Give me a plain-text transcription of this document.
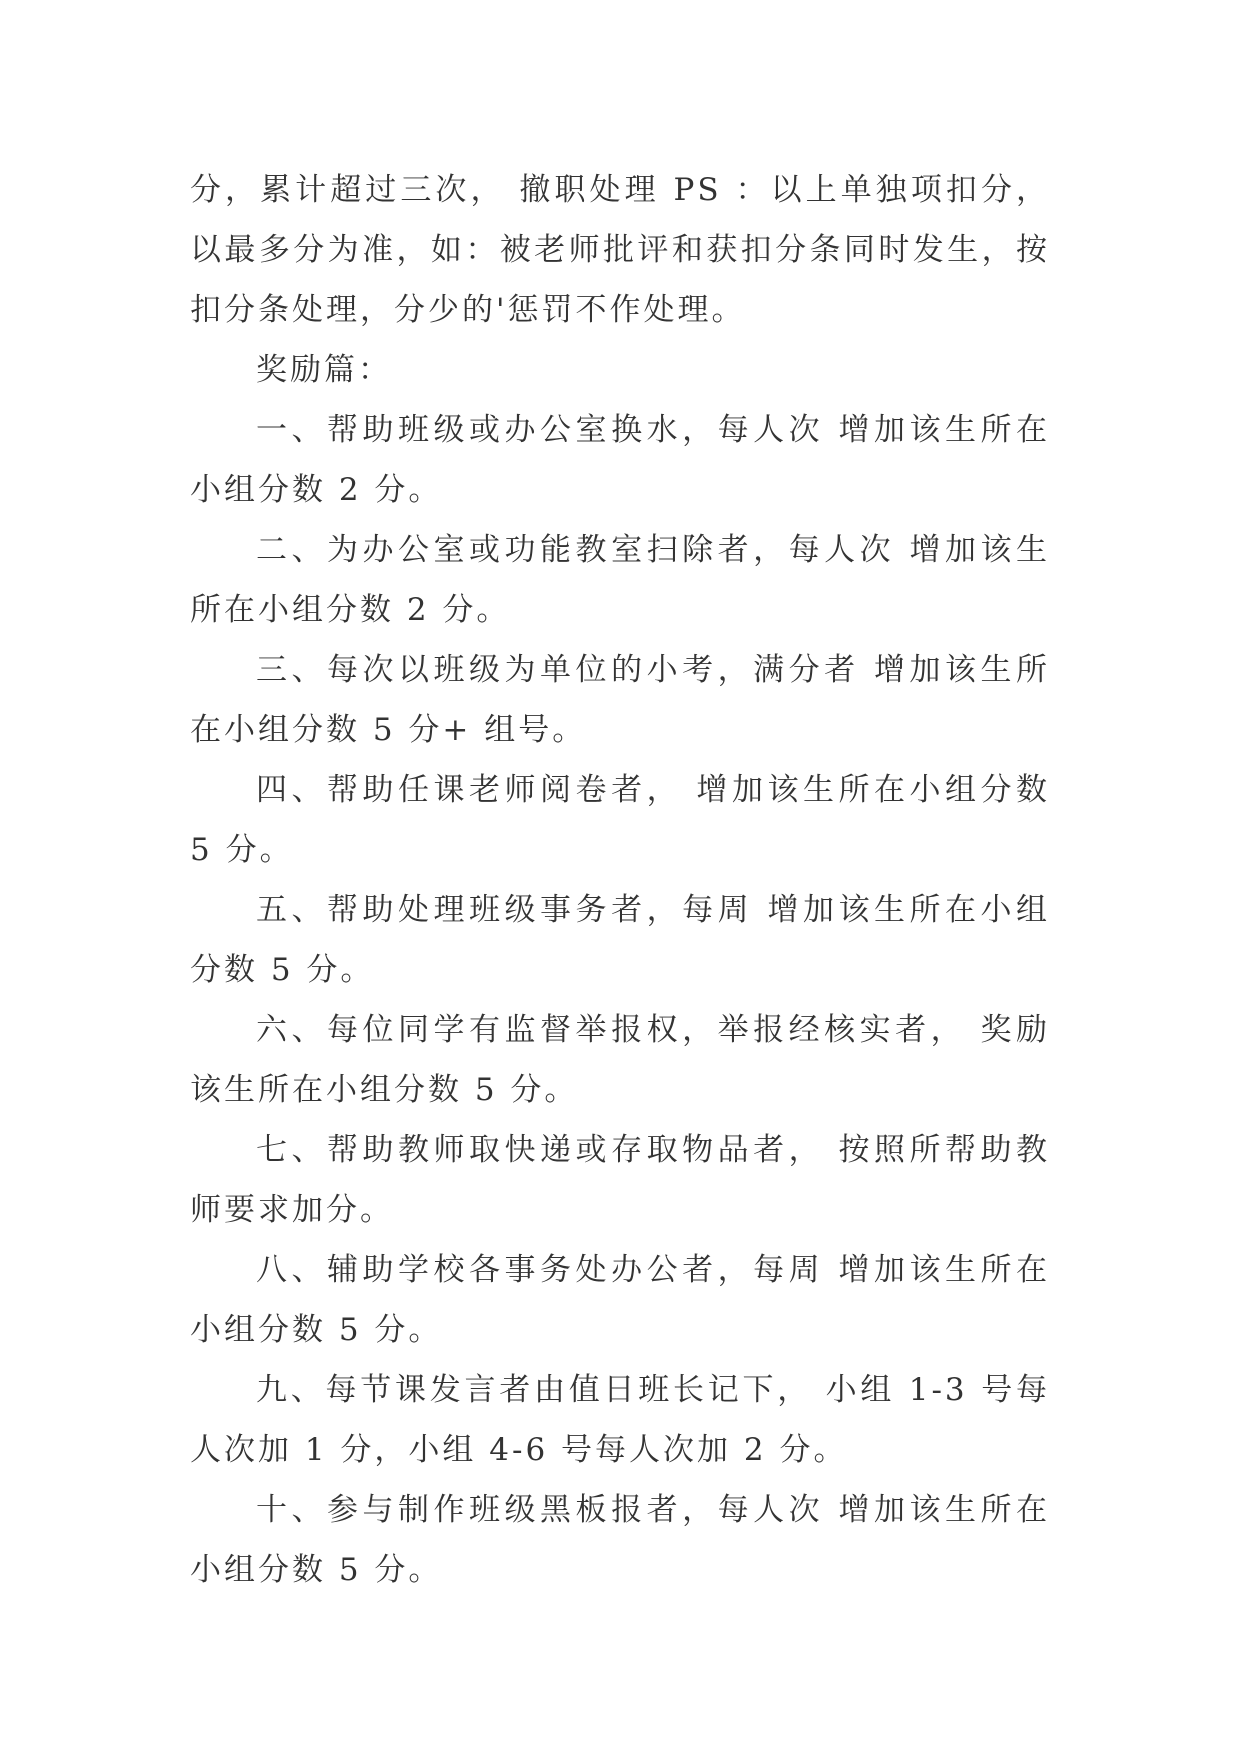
分，累计超过三次， 撤职处理 PS ：以上单独项扣分，以最多分为准，如：被老师批评和获扣分条同时发生，按扣分条处理，分少的'惩罚不作处理。

奖励篇：

一、帮助班级或办公室换水，每人次 增加该生所在小组分数 2 分。

二、为办公室或功能教室扫除者，每人次 增加该生所在小组分数 2 分。

三、每次以班级为单位的小考，满分者 增加该生所在小组分数 5 分+ 组号。

四、帮助任课老师阅卷者， 增加该生所在小组分数 5 分。

五、帮助处理班级事务者，每周 增加该生所在小组分数 5 分。

六、每位同学有监督举报权，举报经核实者， 奖励该生所在小组分数 5 分。

七、帮助教师取快递或存取物品者， 按照所帮助教师要求加分。

八、辅助学校各事务处办公者，每周 增加该生所在小组分数 5 分。

九、每节课发言者由值日班长记下， 小组 1-3 号每人次加 1 分，小组 4-6 号每人次加 2 分。

十、参与制作班级黑板报者，每人次 增加该生所在小组分数 5 分。
